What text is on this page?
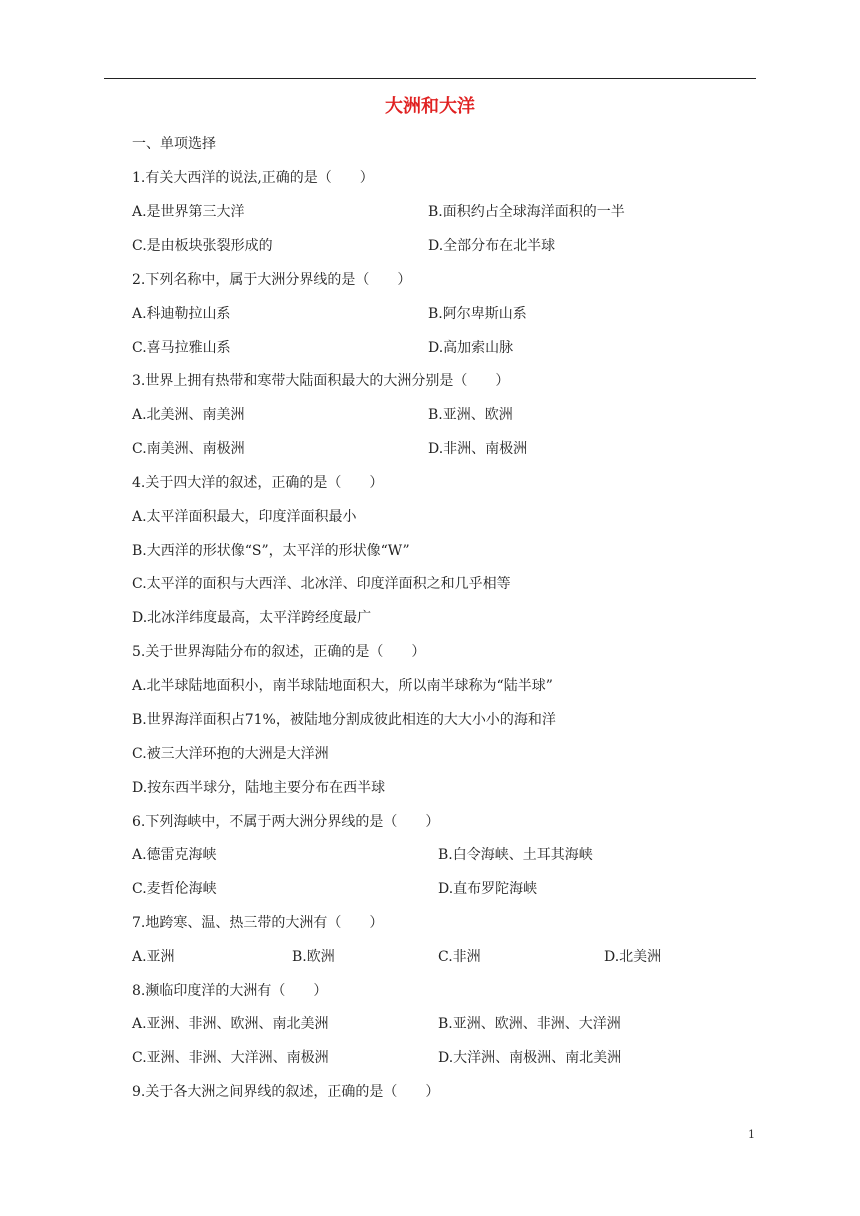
大洲和大洋
一、单项选择
1.有关大西洋的说法,正确的是（　　）
A.是世界第三大洋	B.面积约占全球海洋面积的一半
C.是由板块张裂形成的	D.全部分布在北半球
2.下列名称中，属于大洲分界线的是（　　）
A.科迪勒拉山系	B.阿尔卑斯山系
C.喜马拉雅山系	D.高加索山脉
3.世界上拥有热带和寒带大陆面积最大的大洲分别是（　　）
A.北美洲、南美洲	B.亚洲、欧洲
C.南美洲、南极洲	D.非洲、南极洲
4.关于四大洋的叙述，正确的是（　　）
A.太平洋面积最大，印度洋面积最小
B.大西洋的形状像“S”，太平洋的形状像“W”
C.太平洋的面积与大西洋、北冰洋、印度洋面积之和几乎相等
D.北冰洋纬度最高，太平洋跨经度最广
5.关于世界海陆分布的叙述，正确的是（　　）
A.北半球陆地面积小，南半球陆地面积大，所以南半球称为“陆半球”
B.世界海洋面积占71%，被陆地分割成彼此相连的大大小小的海和洋
C.被三大洋环抱的大洲是大洋洲
D.按东西半球分，陆地主要分布在西半球
6.下列海峡中，不属于两大洲分界线的是（　　）
A.德雷克海峡	B.白令海峡、土耳其海峡
C.麦哲伦海峡	D.直布罗陀海峡
7.地跨寒、温、热三带的大洲有（　　）
A.亚洲	B.欧洲	C.非洲	D.北美洲
8.濒临印度洋的大洲有（　　）
A.亚洲、非洲、欧洲、南北美洲	B.亚洲、欧洲、非洲、大洋洲
C.亚洲、非洲、大洋洲、南极洲	D.大洋洲、南极洲、南北美洲
9.关于各大洲之间界线的叙述，正确的是（　　）
1
